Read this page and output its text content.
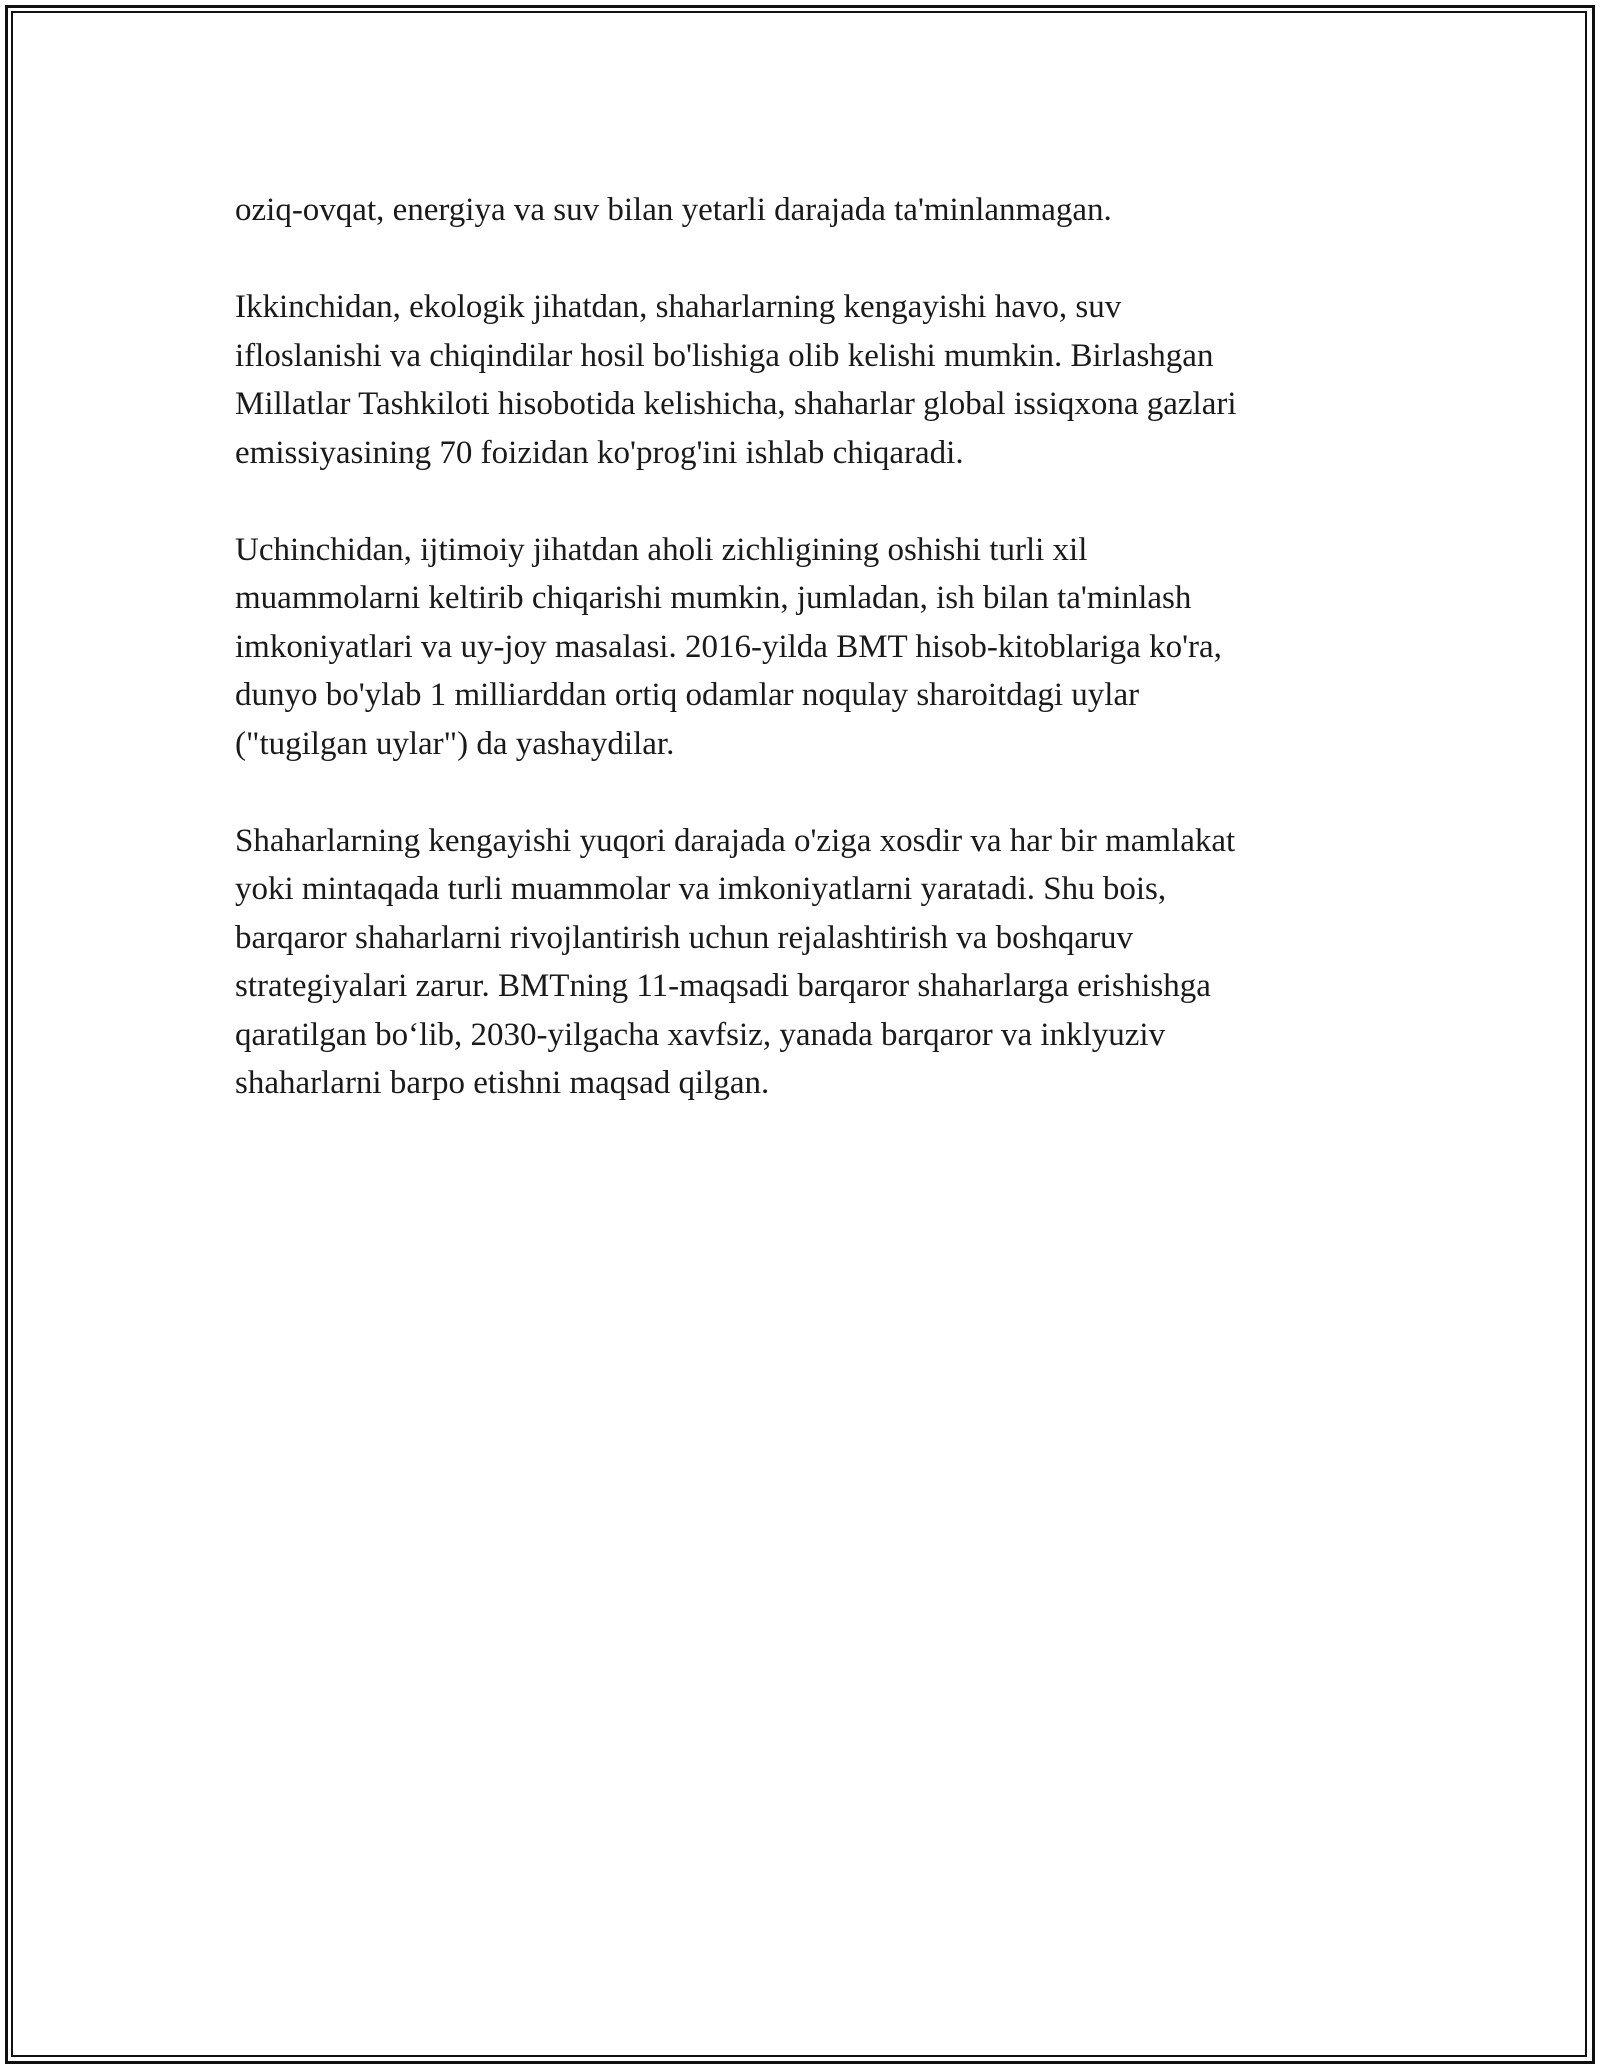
oziq-ovqat, energiya va suv bilan yetarli darajada ta'minlanmagan.

Ikkinchidan, ekologik jihatdan, shaharlarning kengayishi havo, suv
ifloslanishi va chiqindilar hosil bo'lishiga olib kelishi mumkin. Birlashgan
Millatlar Tashkiloti hisobotida kelishicha, shaharlar global issiqxona gazlari
emissiyasining 70 foizidan ko'prog'ini ishlab chiqaradi.

Uchinchidan, ijtimoiy jihatdan aholi zichligining oshishi turli xil
muammolarni keltirib chiqarishi mumkin, jumladan, ish bilan ta'minlash
imkoniyatlari va uy-joy masalasi. 2016-yilda BMT hisob-kitoblariga ko'ra,
dunyo bo'ylab 1 milliarddan ortiq odamlar noqulay sharoitdagi uylar
("tugilgan uylar") da yashaydilar.

Shaharlarning kengayishi yuqori darajada o'ziga xosdir va har bir mamlakat
yoki mintaqada turli muammolar va imkoniyatlarni yaratadi. Shu bois,
barqaror shaharlarni rivojlantirish uchun rejalashtirish va boshqaruv
strategiyalari zarur. BMTning 11-maqsadi barqaror shaharlarga erishishga
qaratilgan bo‘lib, 2030-yilgacha xavfsiz, yanada barqaror va inklyuziv
shaharlarni barpo etishni maqsad qilgan.
